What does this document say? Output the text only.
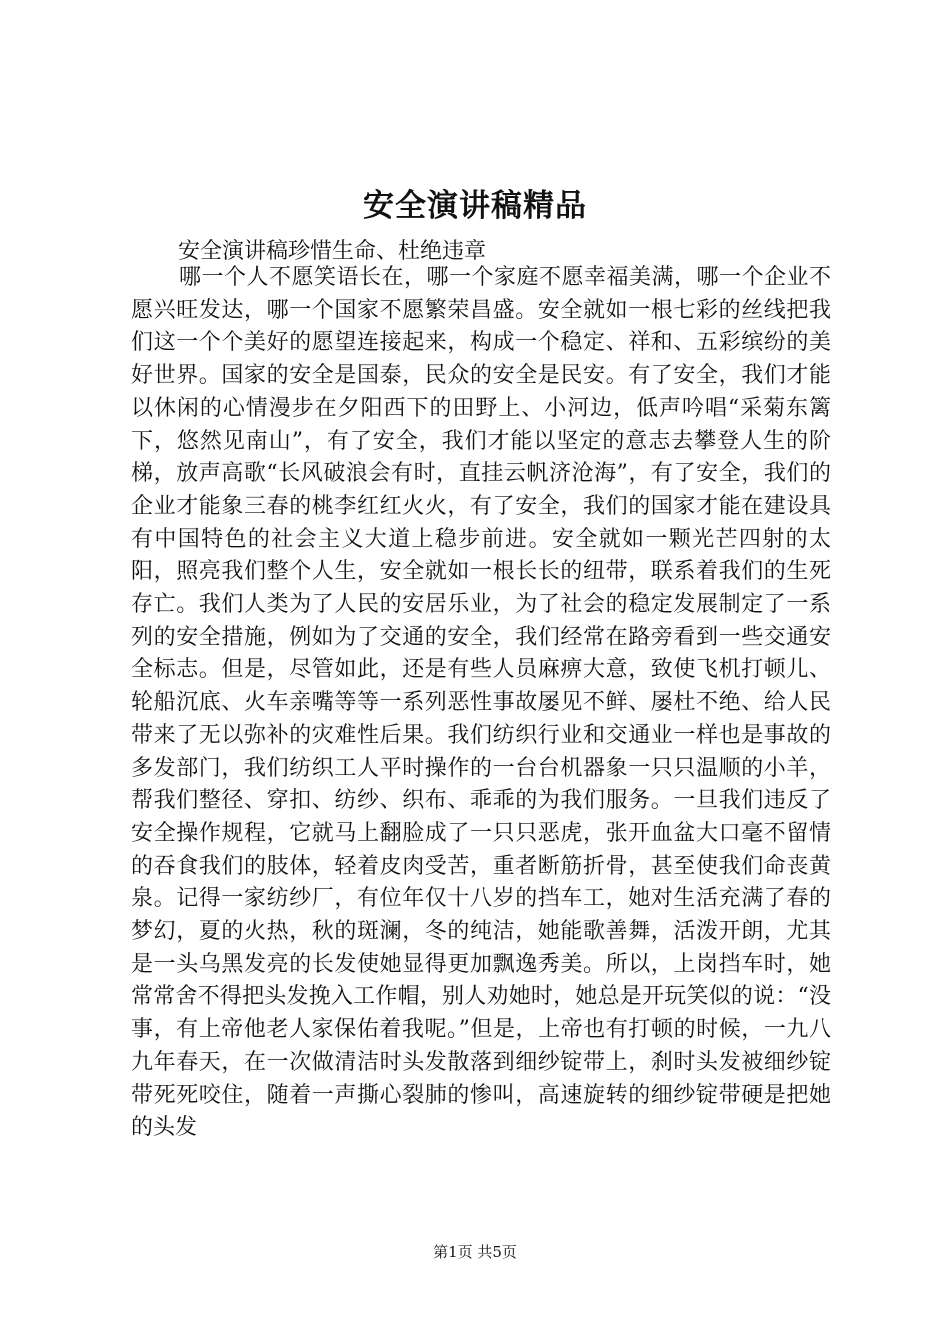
安全演讲稿精品
安全演讲稿珍惜生命、杜绝违章

哪一个人不愿笑语长在，哪一个家庭不愿幸福美满，哪一个企业不愿兴旺发达，哪一个国家不愿繁荣昌盛。安全就如一根七彩的丝线把我们这一个个美好的愿望连接起来，构成一个稳定、祥和、五彩缤纷的美好世界。国家的安全是国泰，民众的安全是民安。有了安全，我们才能以休闲的心情漫步在夕阳西下的田野上、小河边，低声吟唱“采菊东篱下，悠然见南山”，有了安全，我们才能以坚定的意志去攀登人生的阶梯，放声高歌“长风破浪会有时，直挂云帆济沧海”，有了安全，我们的企业才能象三春的桃李红红火火，有了安全，我们的国家才能在建设具有中国特色的社会主义大道上稳步前进。安全就如一颗光芒四射的太阳，照亮我们整个人生，安全就如一根长长的纽带，联系着我们的生死存亡。我们人类为了人民的安居乐业，为了社会的稳定发展制定了一系列的安全措施，例如为了交通的安全，我们经常在路旁看到一些交通安全标志。但是，尽管如此，还是有些人员麻痹大意，致使飞机打顿儿、轮船沉底、火车亲嘴等等一系列恶性事故屡见不鲜、屡杜不绝、给人民带来了无以弥补的灾难性后果。我们纺织行业和交通业一样也是事故的多发部门，我们纺织工人平时操作的一台台机器象一只只温顺的小羊，帮我们整径、穿扣、纺纱、织布、乖乖的为我们服务。一旦我们违反了安全操作规程，它就马上翻脸成了一只只恶虎，张开血盆大口毫不留情的吞食我们的肢体，轻着皮肉受苦，重者断筋折骨，甚至使我们命丧黄泉。记得一家纺纱厂，有位年仅十八岁的挡车工，她对生活充满了春的梦幻，夏的火热，秋的斑澜，冬的纯洁，她能歌善舞，活泼开朗，尤其是一头乌黑发亮的长发使她显得更加飘逸秀美。所以，上岗挡车时，她常常舍不得把头发挽入工作帽，别人劝她时，她总是开玩笑似的说：“没事，有上帝他老人家保佑着我呢。”但是，上帝也有打顿的时候，一九八九年春天，在一次做清洁时头发散落到细纱锭带上，刹时头发被细纱锭带死死咬住，随着一声撕心裂肺的惨叫，高速旋转的细纱锭带硬是把她的头发

第1页 共5页
